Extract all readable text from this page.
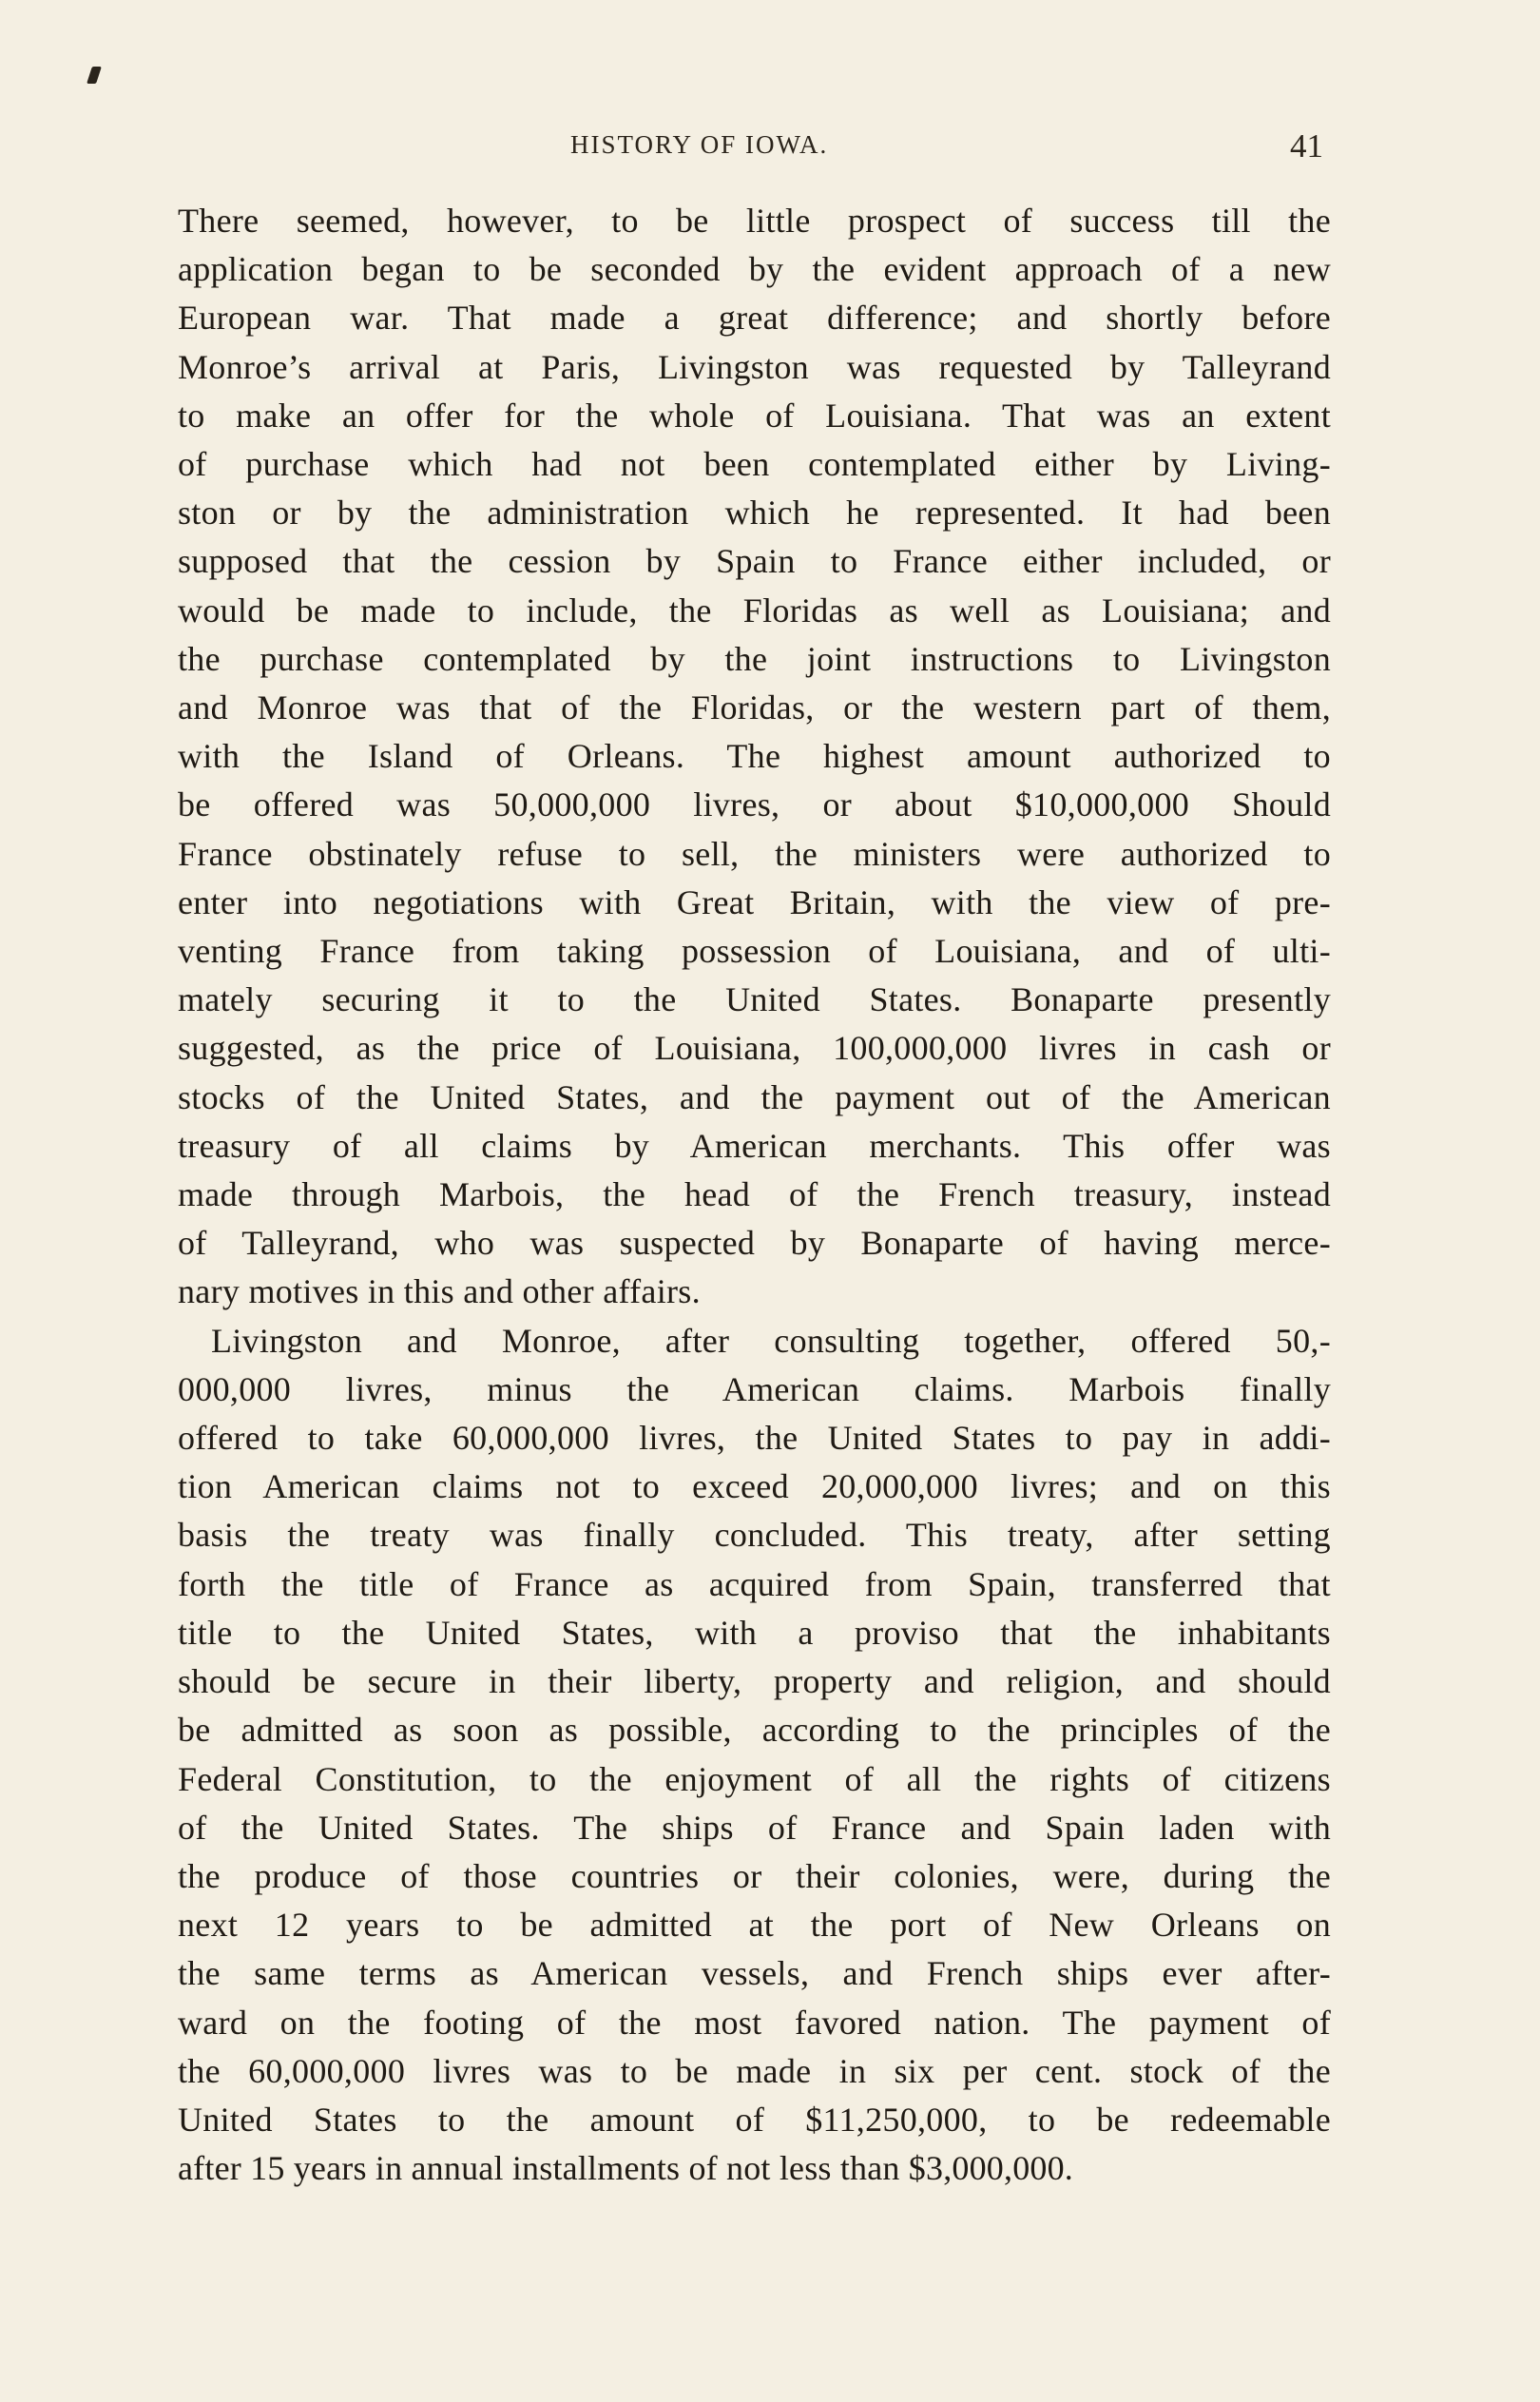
HISTORY OF IOWA.	41
There seemed, however, to be little prospect of success till the
application began to be seconded by the evident approach of a new
European war. That made a great difference; and shortly before
Monroe’s arrival at Paris, Livingston was requested by Talleyrand
to make an offer for the whole of Louisiana. That was an extent
of purchase which had not been contemplated either by Living-
ston or by the administration which he represented. It had been
supposed that the cession by Spain to France either included, or
would be made to include, the Floridas as well as Louisiana; and
the purchase contemplated by the joint instructions to Livingston
and Monroe was that of the Floridas, or the western part of them,
with the Island of Orleans. The highest amount authorized to
be offered was 50,000,000 livres, or about $10,000,000 Should
France obstinately refuse to sell, the ministers were authorized to
enter into negotiations with Great Britain, with the view of pre-
venting France from taking possession of Louisiana, and of ulti-
mately securing it to the United States. Bonaparte presently
suggested, as the price of Louisiana, 100,000,000 livres in cash or
stocks of the United States, and the payment out of the American
treasury of all claims by American merchants. This offer was
made through Marbois, the head of the French treasury, instead
of Talleyrand, who was suspected by Bonaparte of having merce-
nary motives in this and other affairs.
Livingston and Monroe, after consulting together, offered 50,-
000,000 livres, minus the American claims. Marbois finally
offered to take 60,000,000 livres, the United States to pay in addi-
tion American claims not to exceed 20,000,000 livres; and on this
basis the treaty was finally concluded. This treaty, after setting
forth the title of France as acquired from Spain, transferred that
title to the United States, with a proviso that the inhabitants
should be secure in their liberty, property and religion, and should
be admitted as soon as possible, according to the principles of the
Federal Constitution, to the enjoyment of all the rights of citizens
of the United States. The ships of France and Spain laden with
the produce of those countries or their colonies, were, during the
next 12 years to be admitted at the port of New Orleans on
the same terms as American vessels, and French ships ever after-
ward on the footing of the most favored nation. The payment of
the 60,000,000 livres was to be made in six per cent. stock of the
United States to the amount of $11,250,000, to be redeemable
after 15 years in annual installments of not less than $3,000,000.
